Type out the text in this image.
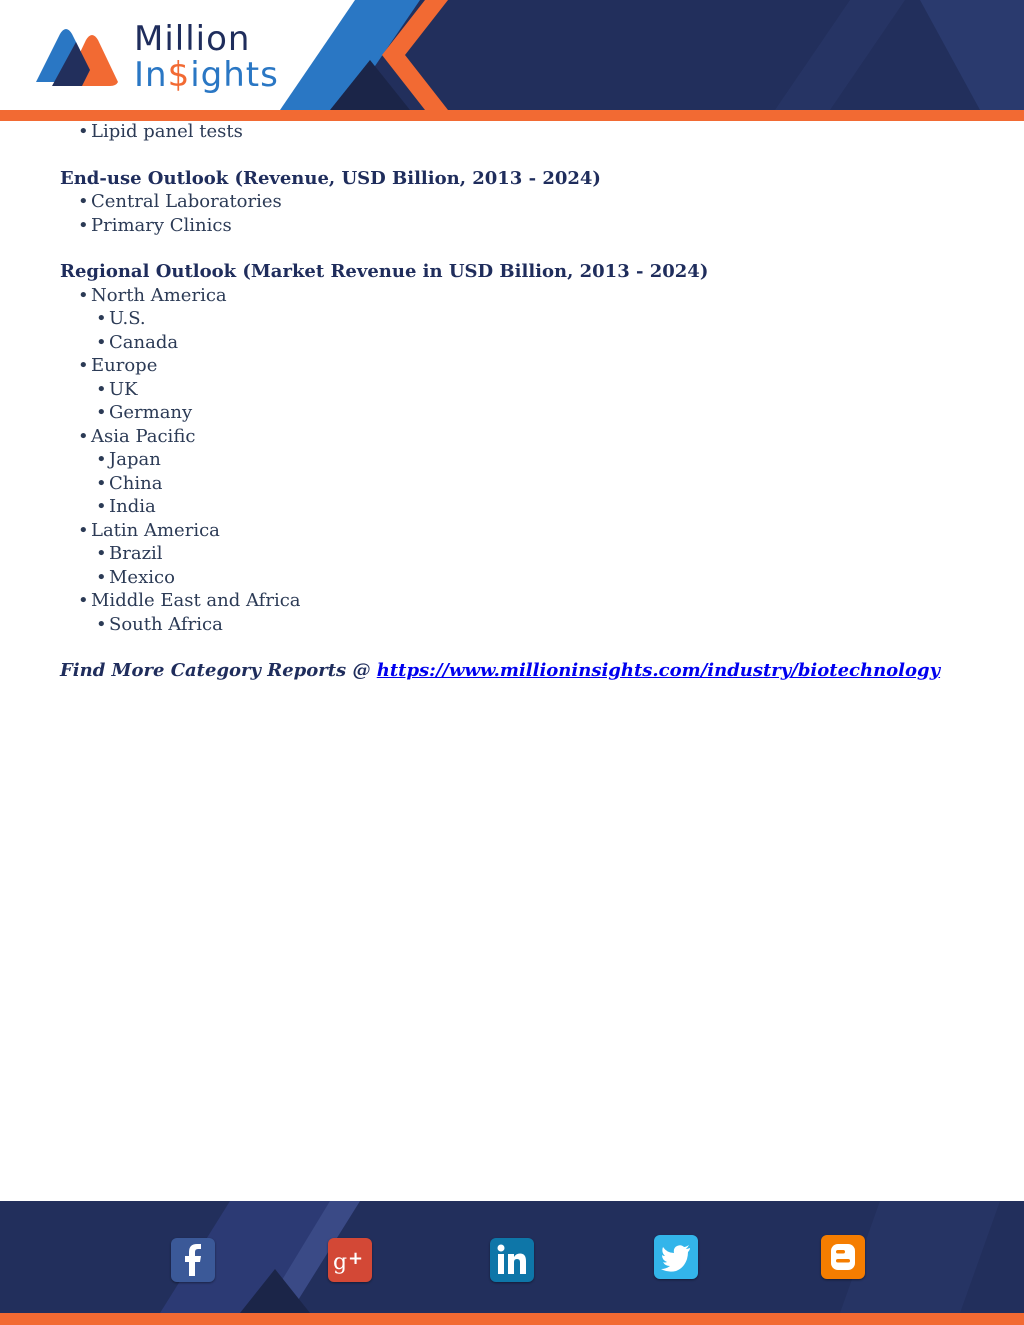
Million
In$ights
• Lipid panel tests
End-use Outlook (Revenue, USD Billion, 2013 - 2024)
• Central Laboratories
• Primary Clinics
Regional Outlook (Market Revenue in USD Billion, 2013 - 2024)
• North America
• U.S.
• Canada
• Europe
• UK
• Germany
• Asia Pacific
• Japan
• China
• India
• Latin America
• Brazil
• Mexico
• Middle East and Africa
• South Africa
Find More Category Reports @ https://www.millioninsights.com/industry/biotechnology
g +
